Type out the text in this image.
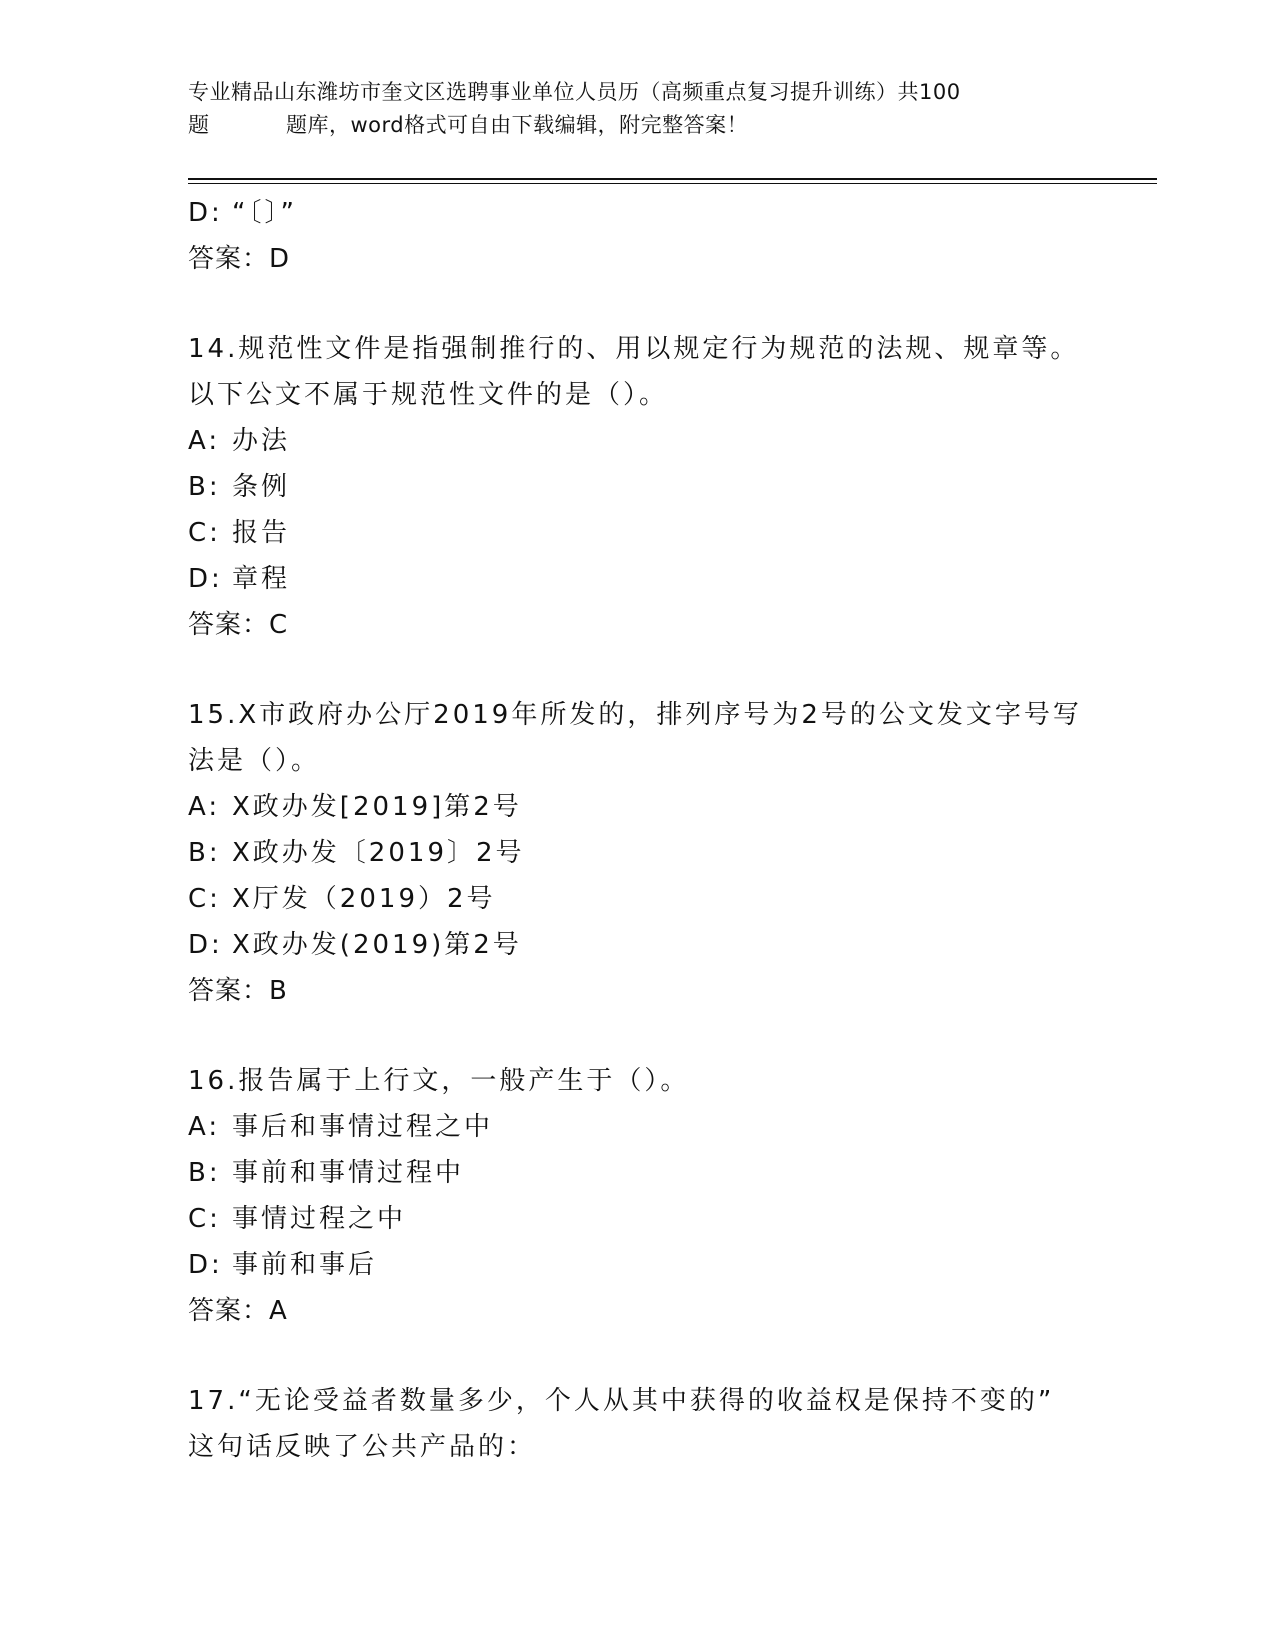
专业精品山东潍坊市奎文区选聘事业单位人员历（高频重点复习提升训练）共100
题	题库，word格式可自由下载编辑，附完整答案！
D: “〔〕”
答案：D
14.规范性文件是指强制推行的、用以规定行为规范的法规、规章等。
以下公文不属于规范性文件的是（）。
A: 办法
B: 条例
C: 报告
D: 章程
答案：C
15.X市政府办公厅2019年所发的，排列序号为2号的公文发文字号写
法是（）。
A: X政办发[2019]第2号
B: X政办发〔2019〕2号
C: X厅发（2019）2号
D: X政办发(2019)第2号
答案：B
16.报告属于上行文，一般产生于（）。
A: 事后和事情过程之中
B: 事前和事情过程中
C: 事情过程之中
D: 事前和事后
答案：A
17.“无论受益者数量多少，个人从其中获得的收益权是保持不变的”
这句话反映了公共产品的：
